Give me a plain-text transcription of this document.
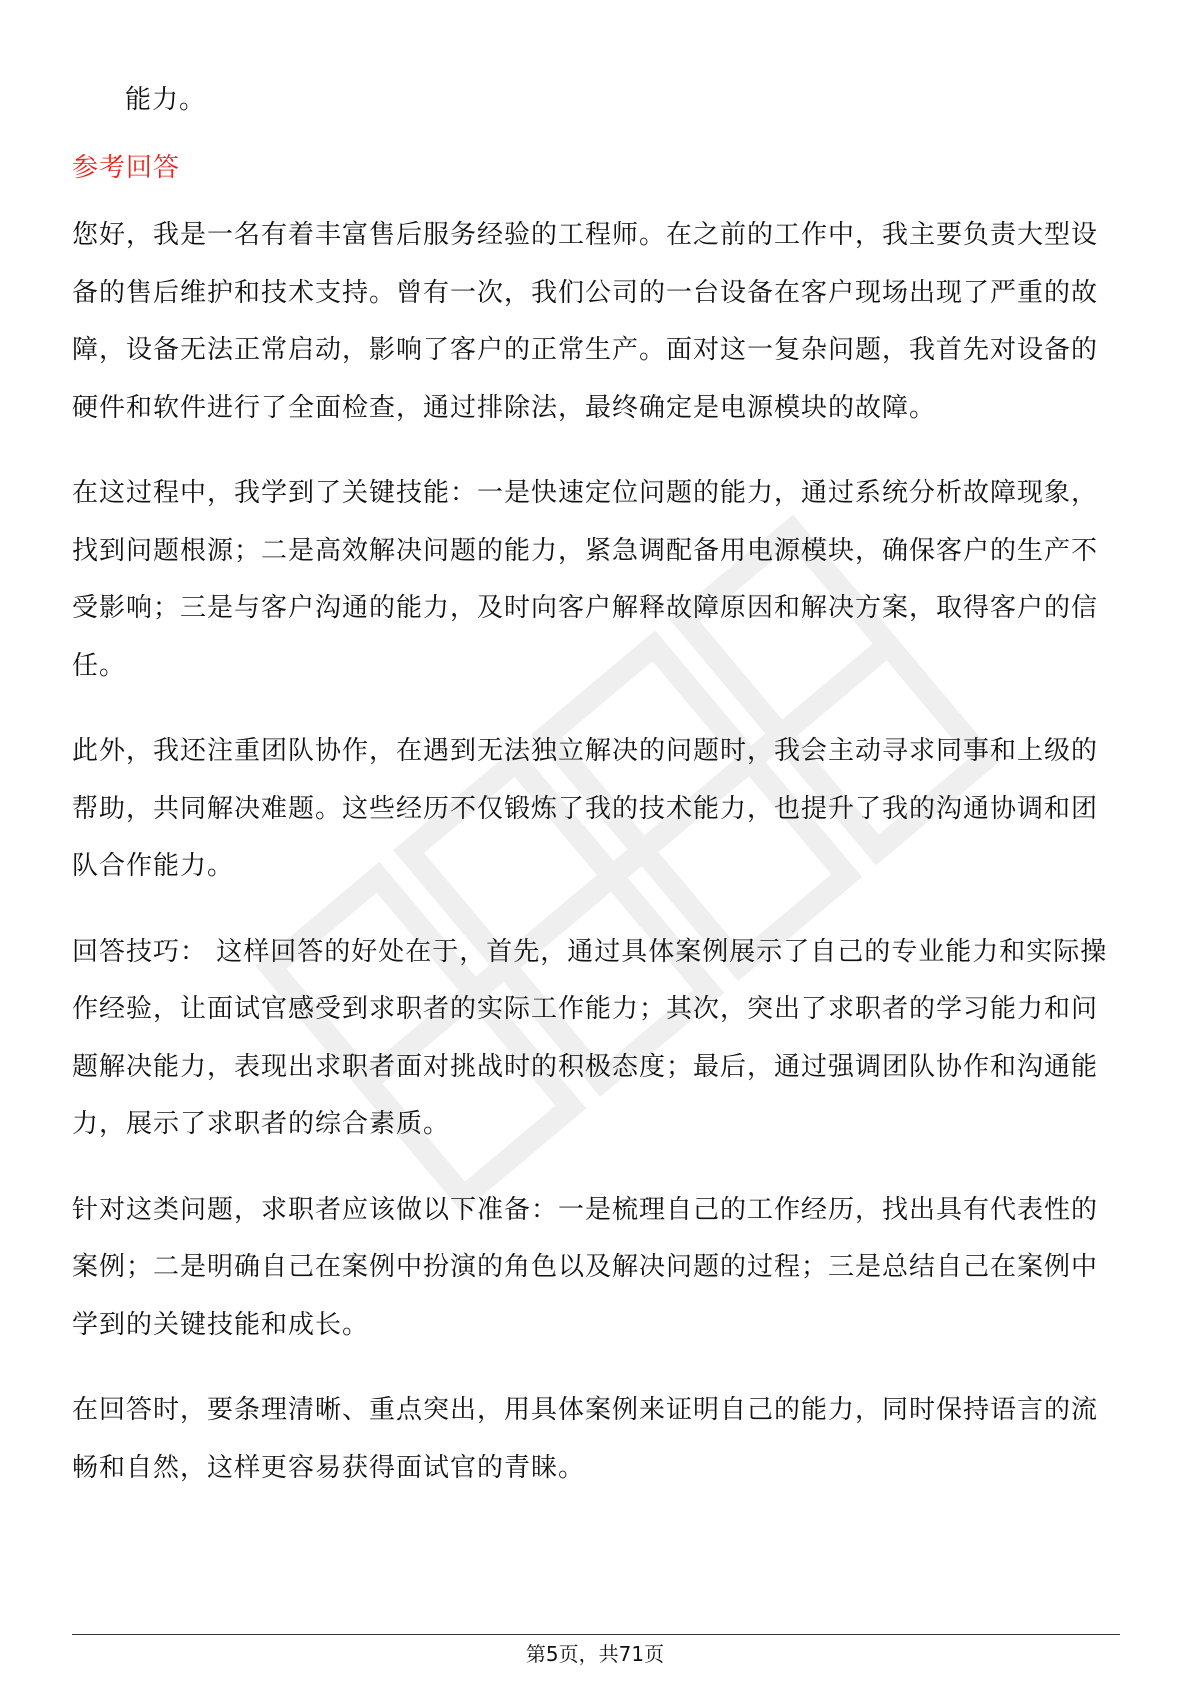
能力。

参考回答

您好，我是一名有着丰富售后服务经验的工程师。在之前的工作中，我主要负责大型设备的售后维护和技术支持。曾有一次，我们公司的一台设备在客户现场出现了严重的故障，设备无法正常启动，影响了客户的正常生产。面对这一复杂问题，我首先对设备的硬件和软件进行了全面检查，通过排除法，最终确定是电源模块的故障。

在这过程中，我学到了关键技能：一是快速定位问题的能力，通过系统分析故障现象，找到问题根源；二是高效解决问题的能力，紧急调配备用电源模块，确保客户的生产不受影响；三是与客户沟通的能力，及时向客户解释故障原因和解决方案，取得客户的信任。

此外，我还注重团队协作，在遇到无法独立解决的问题时，我会主动寻求同事和上级的帮助，共同解决难题。这些经历不仅锻炼了我的技术能力，也提升了我的沟通协调和团队合作能力。

回答技巧： 这样回答的好处在于，首先，通过具体案例展示了自己的专业能力和实际操作经验，让面试官感受到求职者的实际工作能力；其次，突出了求职者的学习能力和问题解决能力，表现出求职者面对挑战时的积极态度；最后，通过强调团队协作和沟通能力，展示了求职者的综合素质。

针对这类问题，求职者应该做以下准备：一是梳理自己的工作经历，找出具有代表性的案例；二是明确自己在案例中扮演的角色以及解决问题的过程；三是总结自己在案例中学到的关键技能和成长。

在回答时，要条理清晰、重点突出，用具体案例来证明自己的能力，同时保持语言的流畅和自然，这样更容易获得面试官的青睐。

第5页，共71页
